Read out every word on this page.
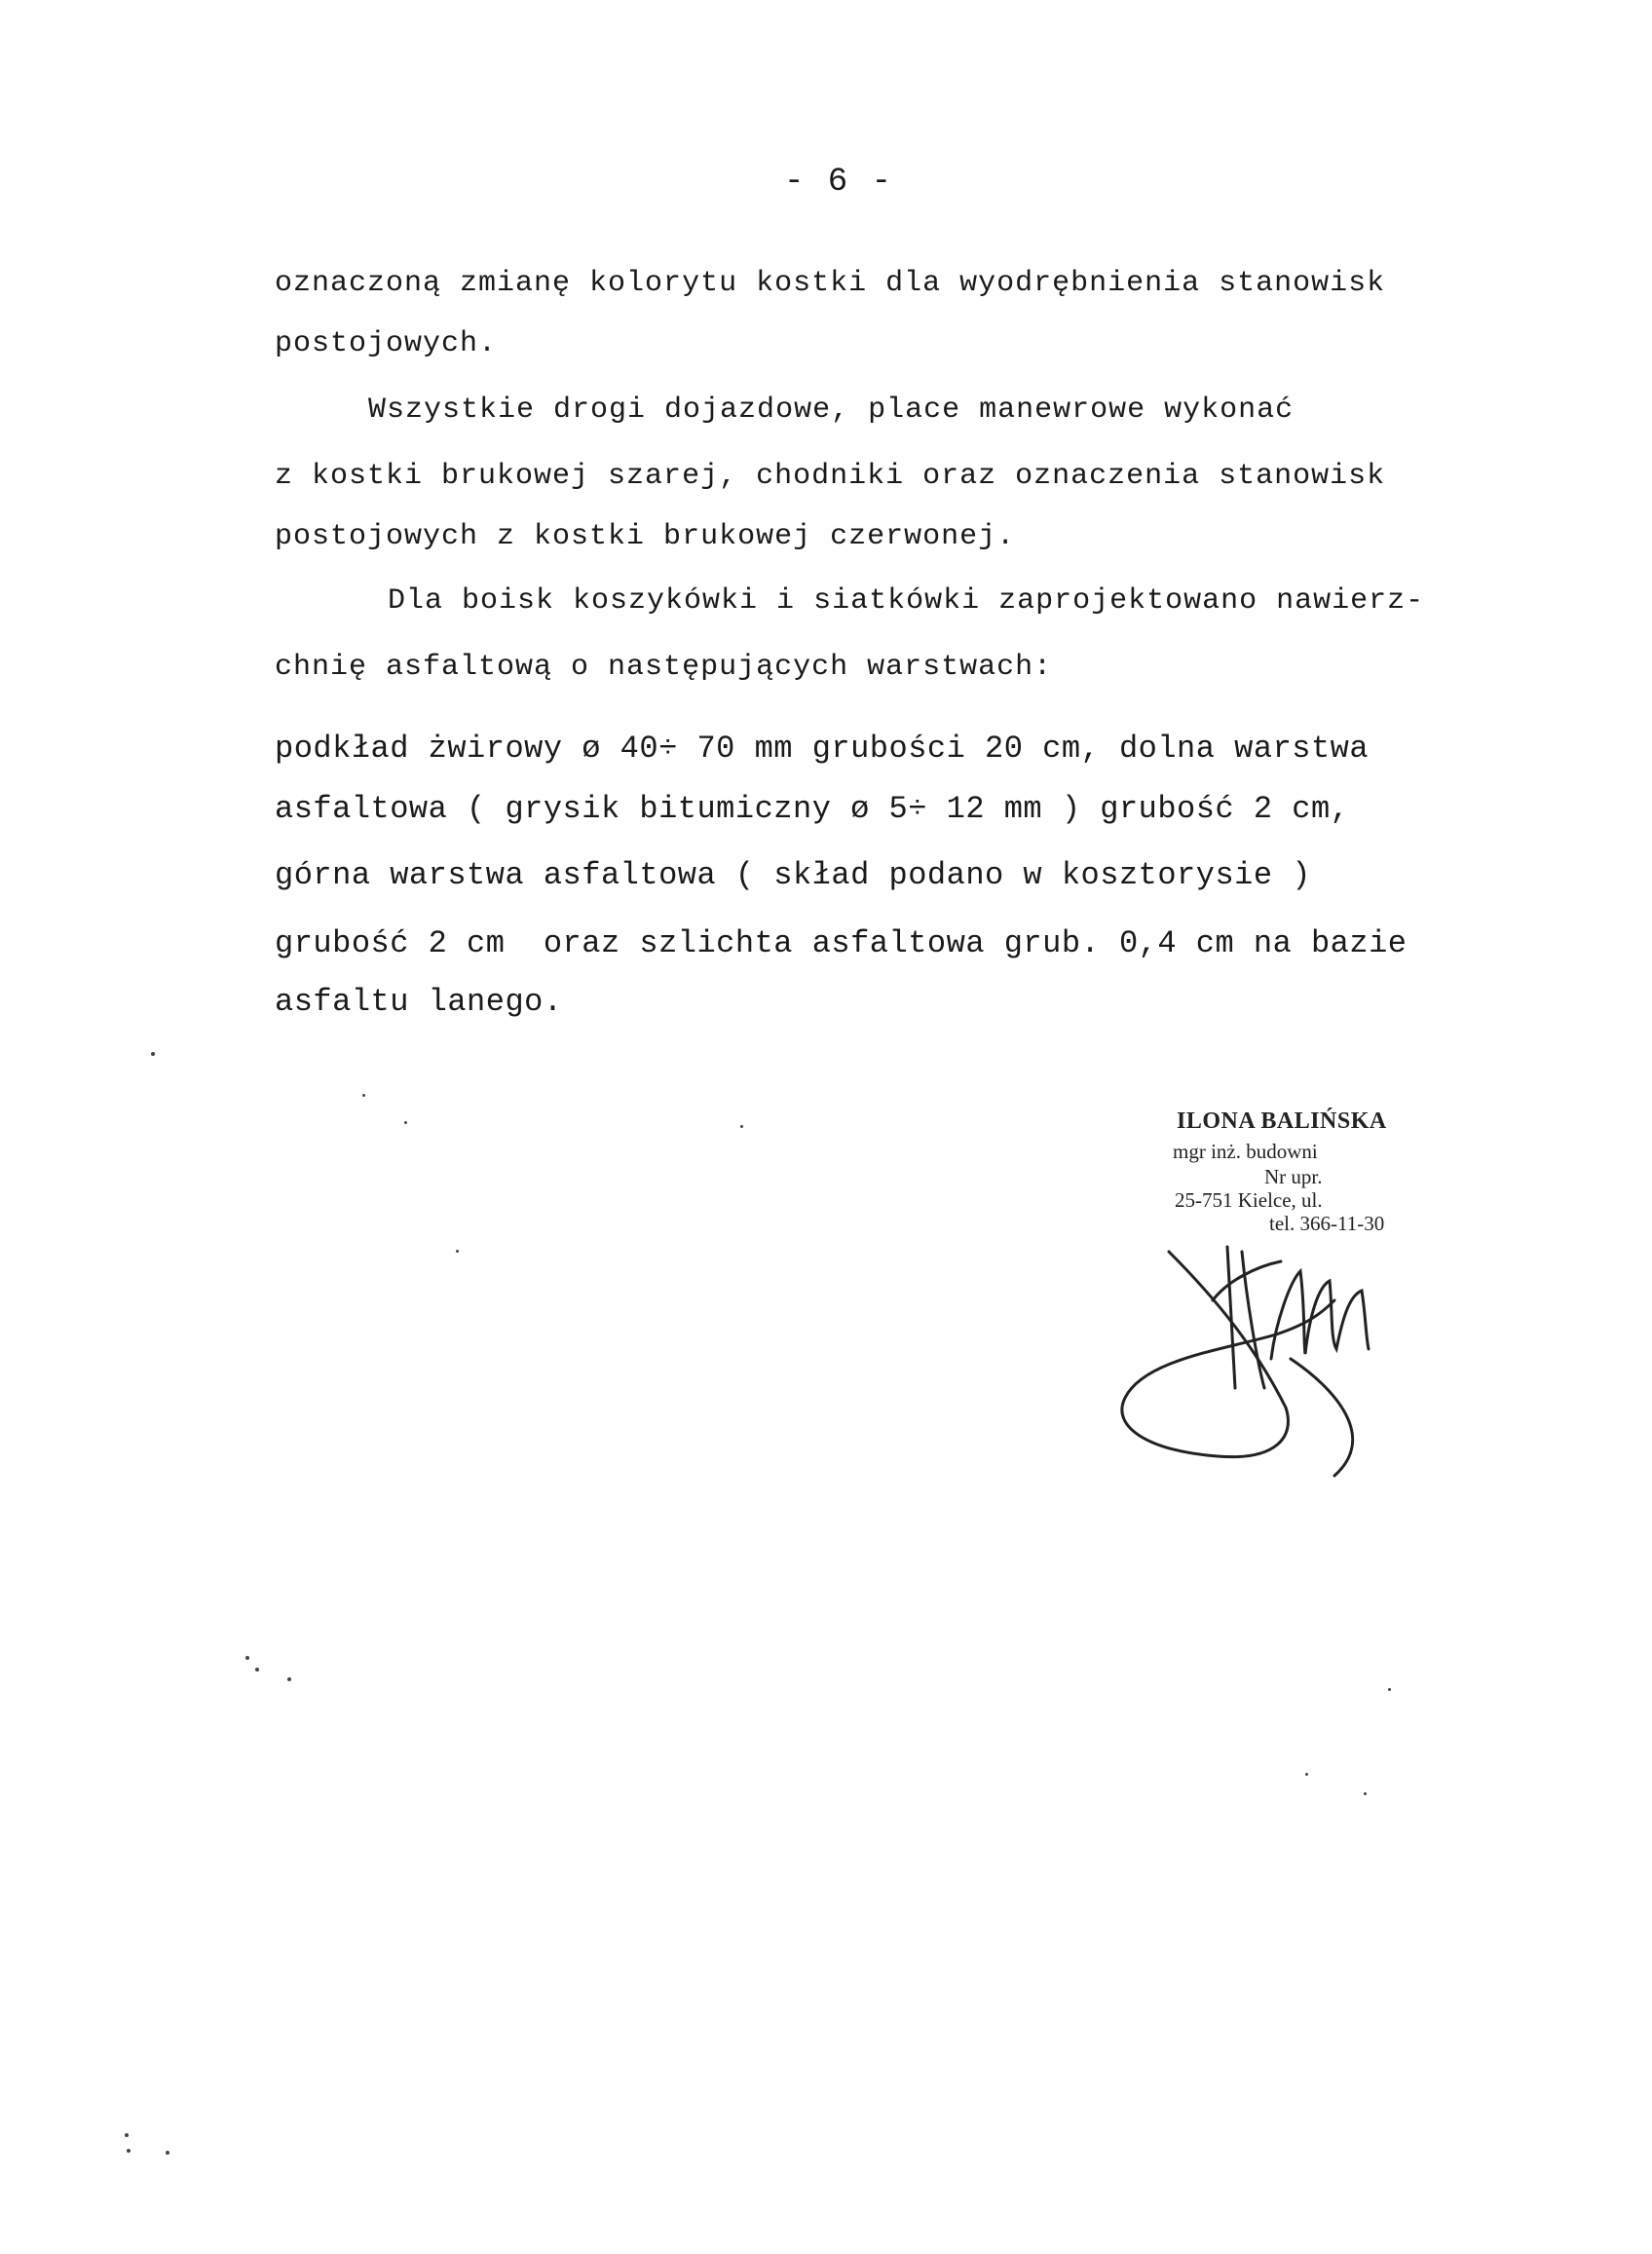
- 6 -

oznaczoną zmianę kolorytu kostki dla wyodrębnienia stanowisk

postojowych.

Wszystkie drogi dojazdowe, place manewrowe wykonać

z kostki brukowej szarej, chodniki oraz oznaczenia stanowisk

postojowych z kostki brukowej czerwonej.

Dla boisk koszykówki i siatkówki zaprojektowano nawierz-

chnię asfaltową o następujących warstwach:

podkład żwirowy ø 40÷ 70 mm grubości 20 cm, dolna warstwa

asfaltowa ( grysik bitumiczny ø 5÷ 12 mm ) grubość 2 cm,

górna warstwa asfaltowa ( skład podano w kosztorysie )

grubość 2 cm  oraz szlichta asfaltowa grub. 0,4 cm na bazie

asfaltu lanego.

ILONA BALIŃSKA

mgr inż. budowni

Nr upr.

25-751 Kielce, ul.

tel. 366-11-30
